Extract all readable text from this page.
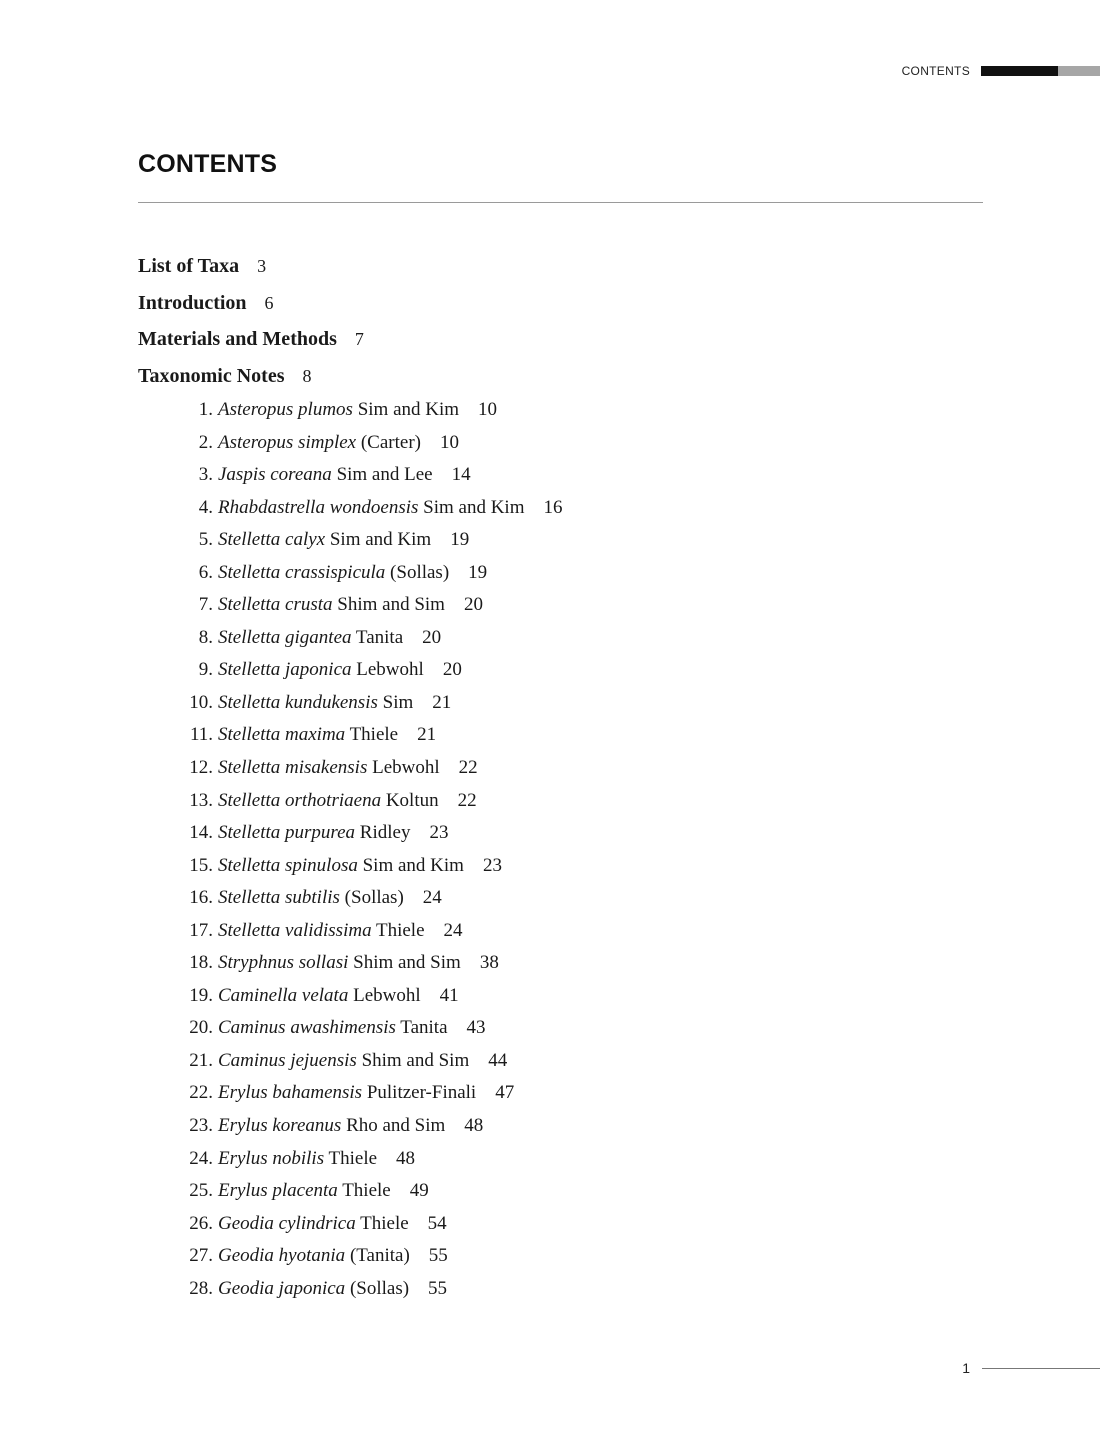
CONTENTS
CONTENTS
List of Taxa 3
Introduction 6
Materials and Methods 7
Taxonomic Notes 8
1. Asteropus plumos Sim and Kim 10
2. Asteropus simplex (Carter) 10
3. Jaspis coreana Sim and Lee 14
4. Rhabdastrella wondoensis Sim and Kim 16
5. Stelletta calyx Sim and Kim 19
6. Stelletta crassispicula (Sollas) 19
7. Stelletta crusta Shim and Sim 20
8. Stelletta gigantea Tanita 20
9. Stelletta japonica Lebwohl 20
10. Stelletta kundukensis Sim 21
11. Stelletta maxima Thiele 21
12. Stelletta misakensis Lebwohl 22
13. Stelletta orthotriaena Koltun 22
14. Stelletta purpurea Ridley 23
15. Stelletta spinulosa Sim and Kim 23
16. Stelletta subtilis (Sollas) 24
17. Stelletta validissima Thiele 24
18. Stryphnus sollasi Shim and Sim 38
19. Caminella velata Lebwohl 41
20. Caminus awashimensis Tanita 43
21. Caminus jejuensis Shim and Sim 44
22. Erylus bahamensis Pulitzer-Finali 47
23. Erylus koreanus Rho and Sim 48
24. Erylus nobilis Thiele 48
25. Erylus placenta Thiele 49
26. Geodia cylindrica Thiele 54
27. Geodia hyotania (Tanita) 55
28. Geodia japonica (Sollas) 55
1
